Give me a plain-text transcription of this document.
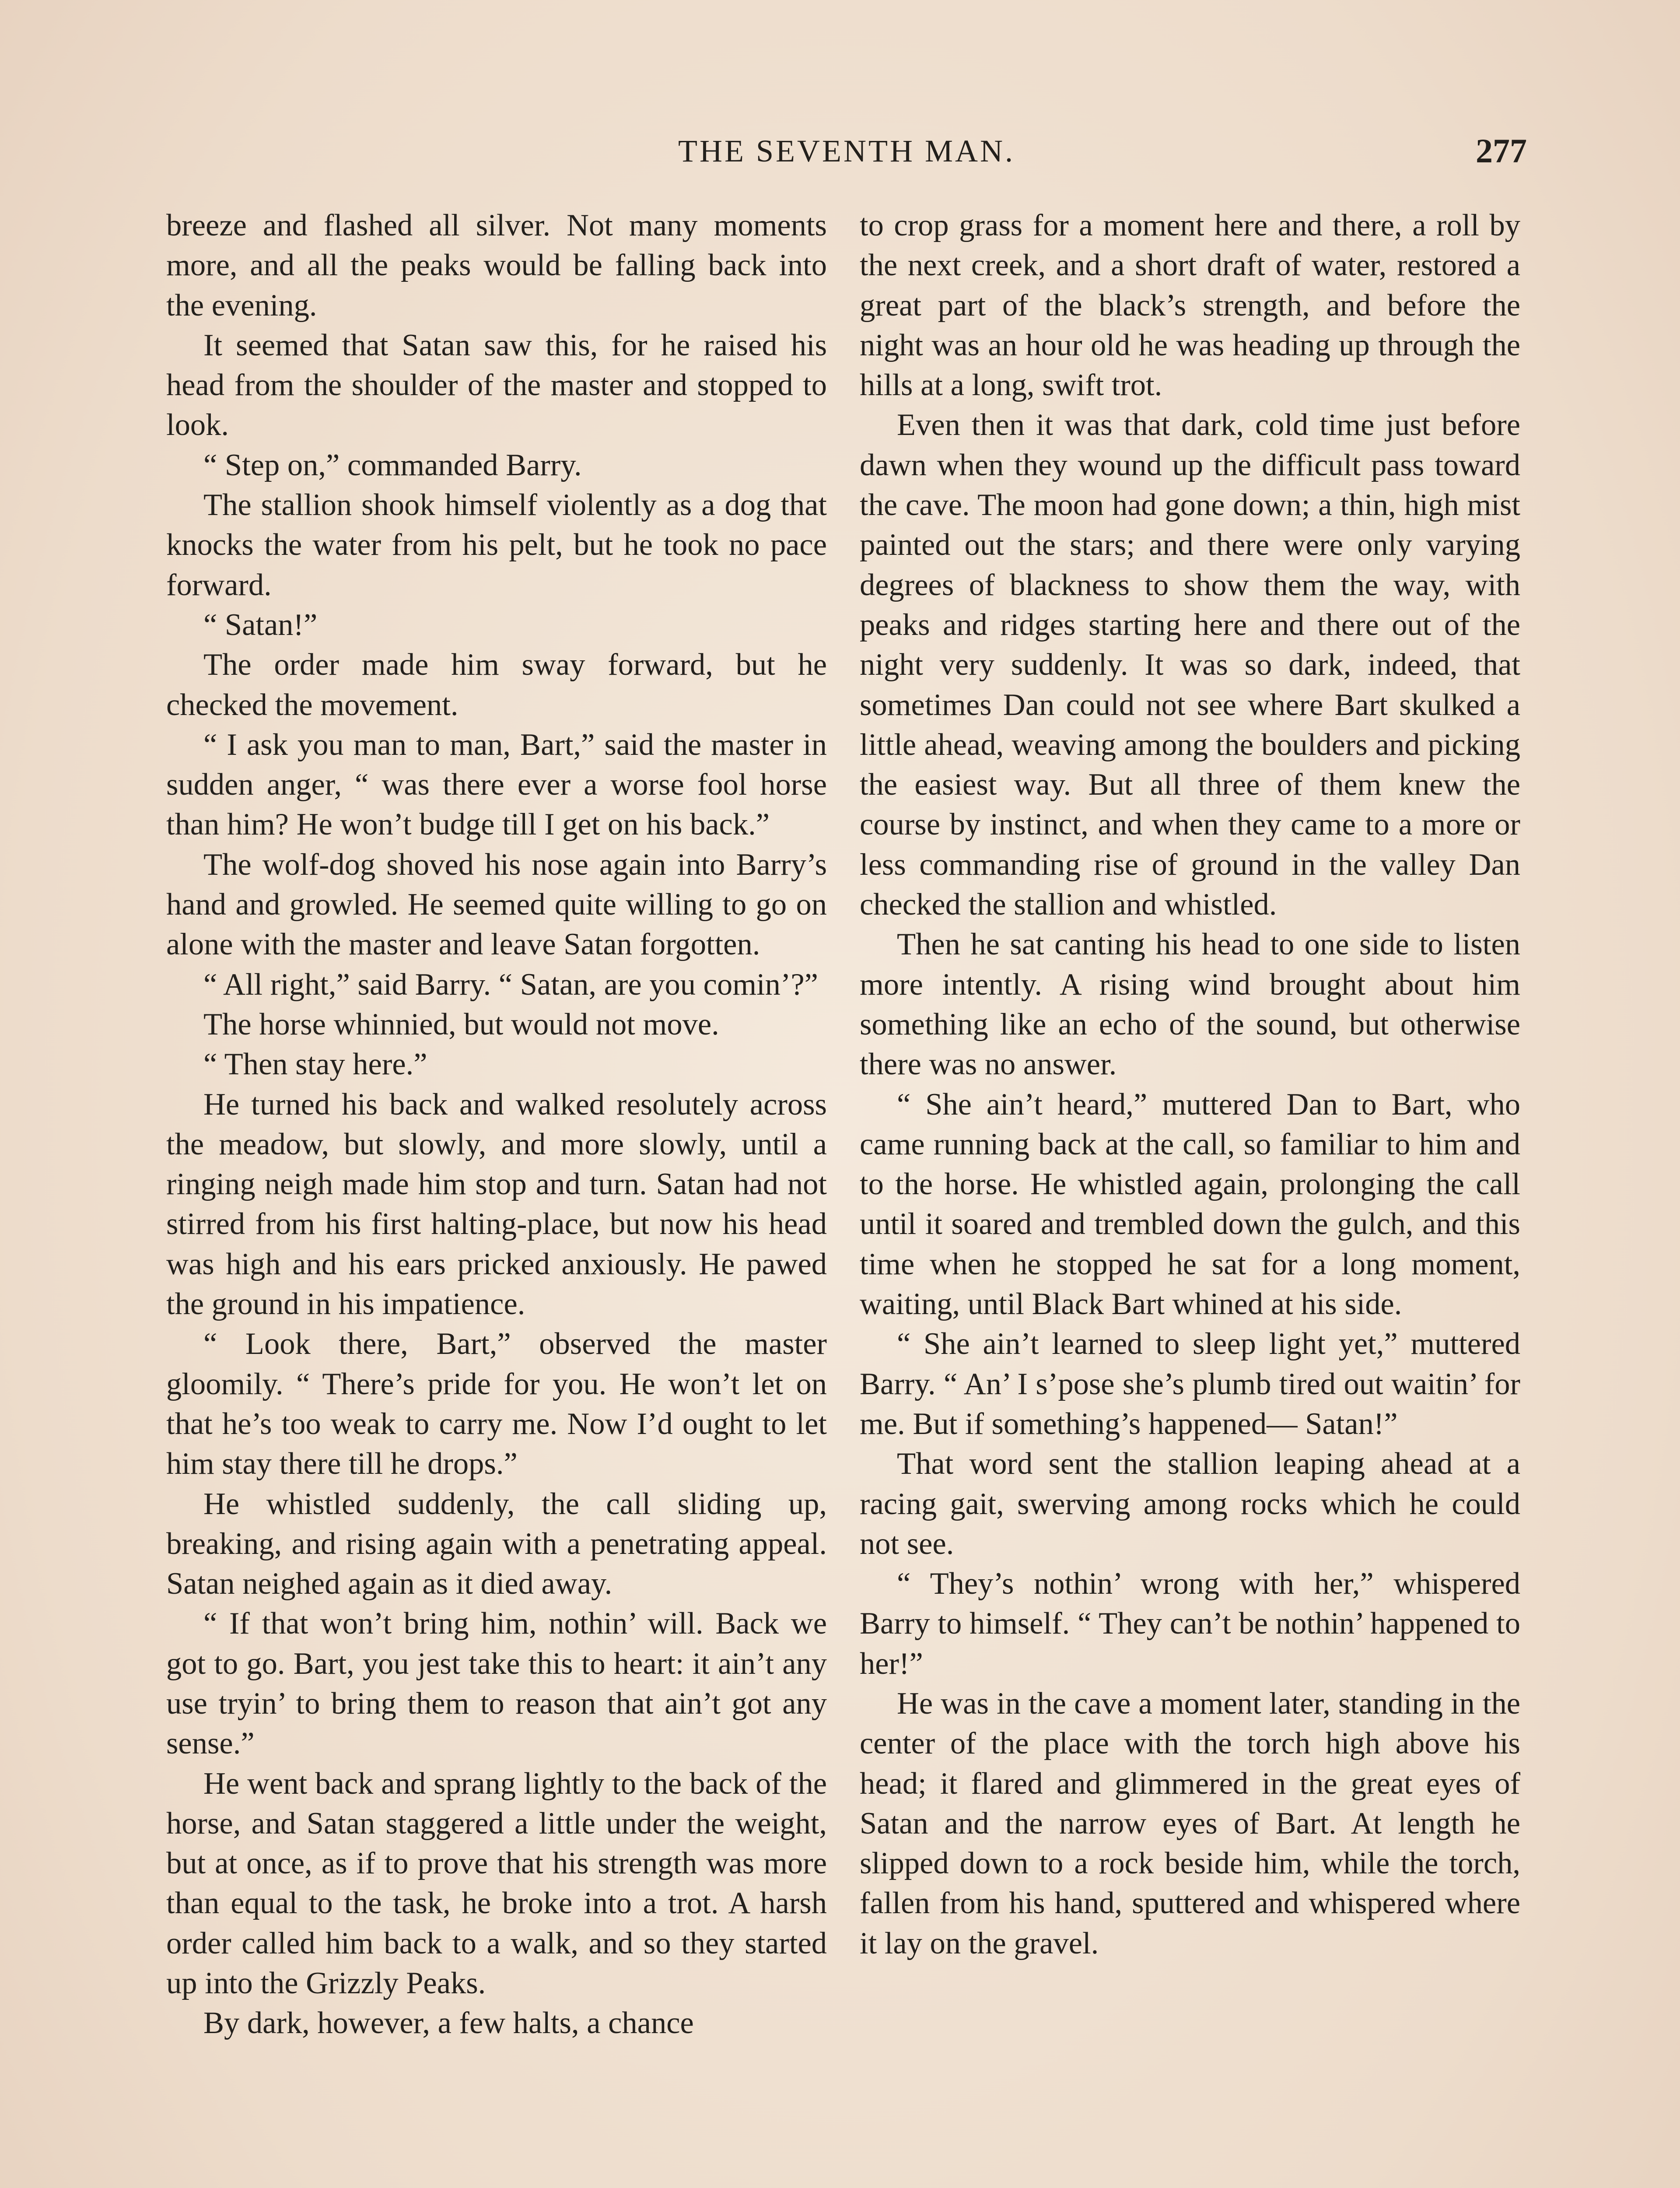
THE SEVENTH MAN.	277

breeze and flashed all silver. Not many moments more, and all the peaks would be falling back into the evening.

It seemed that Satan saw this, for he raised his head from the shoulder of the master and stopped to look.

“ Step on,” commanded Barry.

The stallion shook himself violently as a dog that knocks the water from his pelt, but he took no pace forward.

“ Satan!”

The order made him sway forward, but he checked the movement.

“ I ask you man to man, Bart,” said the master in sudden anger, “ was there ever a worse fool horse than him? He won’t budge till I get on his back.”

The wolf-dog shoved his nose again into Barry’s hand and growled. He seemed quite willing to go on alone with the master and leave Satan forgotten.

“ All right,” said Barry. “ Satan, are you comin’?”

The horse whinnied, but would not move.

“ Then stay here.”

He turned his back and walked resolutely across the meadow, but slowly, and more slowly, until a ringing neigh made him stop and turn. Satan had not stirred from his first halting-place, but now his head was high and his ears pricked anxiously. He pawed the ground in his impatience.

“ Look there, Bart,” observed the master gloomily. “ There’s pride for you. He won’t let on that he’s too weak to carry me. Now I’d ought to let him stay there till he drops.”

He whistled suddenly, the call sliding up, breaking, and rising again with a penetrating appeal. Satan neighed again as it died away.

“ If that won’t bring him, nothin’ will. Back we got to go. Bart, you jest take this to heart: it ain’t any use tryin’ to bring them to reason that ain’t got any sense.”

He went back and sprang lightly to the back of the horse, and Satan staggered a little under the weight, but at once, as if to prove that his strength was more than equal to the task, he broke into a trot. A harsh order called him back to a walk, and so they started up into the Grizzly Peaks.

By dark, however, a few halts, a chance

to crop grass for a moment here and there, a roll by the next creek, and a short draft of water, restored a great part of the black’s strength, and before the night was an hour old he was heading up through the hills at a long, swift trot.

Even then it was that dark, cold time just before dawn when they wound up the difficult pass toward the cave. The moon had gone down; a thin, high mist painted out the stars; and there were only varying degrees of blackness to show them the way, with peaks and ridges starting here and there out of the night very suddenly. It was so dark, indeed, that sometimes Dan could not see where Bart skulked a little ahead, weaving among the boulders and picking the easiest way. But all three of them knew the course by instinct, and when they came to a more or less commanding rise of ground in the valley Dan checked the stallion and whistled.

Then he sat canting his head to one side to listen more intently. A rising wind brought about him something like an echo of the sound, but otherwise there was no answer.

“ She ain’t heard,” muttered Dan to Bart, who came running back at the call, so familiar to him and to the horse. He whistled again, prolonging the call until it soared and trembled down the gulch, and this time when he stopped he sat for a long moment, waiting, until Black Bart whined at his side.

“ She ain’t learned to sleep light yet,” muttered Barry. “ An’ I s’pose she’s plumb tired out waitin’ for me. But if something’s happened— Satan!”

That word sent the stallion leaping ahead at a racing gait, swerving among rocks which he could not see.

“ They’s nothin’ wrong with her,” whispered Barry to himself. “ They can’t be nothin’ happened to her!”

He was in the cave a moment later, standing in the center of the place with the torch high above his head; it flared and glimmered in the great eyes of Satan and the narrow eyes of Bart. At length he slipped down to a rock beside him, while the torch, fallen from his hand, sputtered and whispered where it lay on the gravel.
